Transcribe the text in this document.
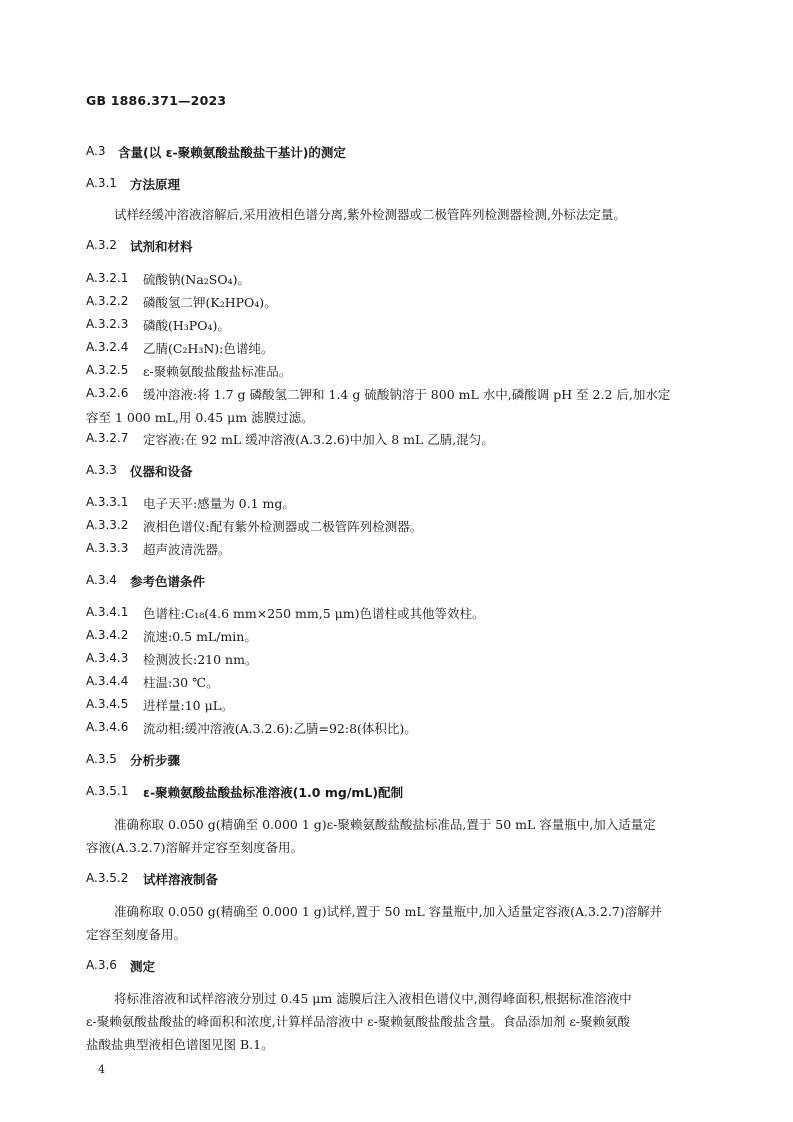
GB 1886.371—2023
A.3 含量(以 ε-聚赖氨酸盐酸盐干基计)的测定
A.3.1 方法原理
试样经缓冲溶液溶解后,采用液相色谱分离,紫外检测器或二极管阵列检测器检测,外标法定量。
A.3.2 试剂和材料
A.3.2.1 硫酸钠(Na₂SO₄)。
A.3.2.2 磷酸氢二钾(K₂HPO₄)。
A.3.2.3 磷酸(H₃PO₄)。
A.3.2.4 乙腈(C₂H₃N):色谱纯。
A.3.2.5 ε-聚赖氨酸盐酸盐标准品。
A.3.2.6 缓冲溶液:将 1.7 g 磷酸氢二钾和 1.4 g 硫酸钠溶于 800 mL 水中,磷酸调 pH 至 2.2 后,加水定
容至 1 000 mL,用 0.45 μm 滤膜过滤。
A.3.2.7 定容液:在 92 mL 缓冲溶液(A.3.2.6)中加入 8 mL 乙腈,混匀。
A.3.3 仪器和设备
A.3.3.1 电子天平:感量为 0.1 mg。
A.3.3.2 液相色谱仪:配有紫外检测器或二极管阵列检测器。
A.3.3.3 超声波清洗器。
A.3.4 参考色谱条件
A.3.4.1 色谱柱:C₁₈(4.6 mm×250 mm,5 μm)色谱柱或其他等效柱。
A.3.4.2 流速:0.5 mL/min。
A.3.4.3 检测波长:210 nm。
A.3.4.4 柱温:30 ℃。
A.3.4.5 进样量:10 μL。
A.3.4.6 流动相:缓冲溶液(A.3.2.6):乙腈=92:8(体积比)。
A.3.5 分析步骤
A.3.5.1 ε-聚赖氨酸盐酸盐标准溶液(1.0 mg/mL)配制
准确称取 0.050 g(精确至 0.000 1 g)ε-聚赖氨酸盐酸盐标准品,置于 50 mL 容量瓶中,加入适量定
容液(A.3.2.7)溶解并定容至刻度备用。
A.3.5.2 试样溶液制备
准确称取 0.050 g(精确至 0.000 1 g)试样,置于 50 mL 容量瓶中,加入适量定容液(A.3.2.7)溶解并
定容至刻度备用。
A.3.6 测定
将标准溶液和试样溶液分别过 0.45 μm 滤膜后注入液相色谱仪中,测得峰面积,根据标准溶液中
ε-聚赖氨酸盐酸盐的峰面积和浓度,计算样品溶液中 ε-聚赖氨酸盐酸盐含量。食品添加剂 ε-聚赖氨酸
盐酸盐典型液相色谱图见图 B.1。
4
